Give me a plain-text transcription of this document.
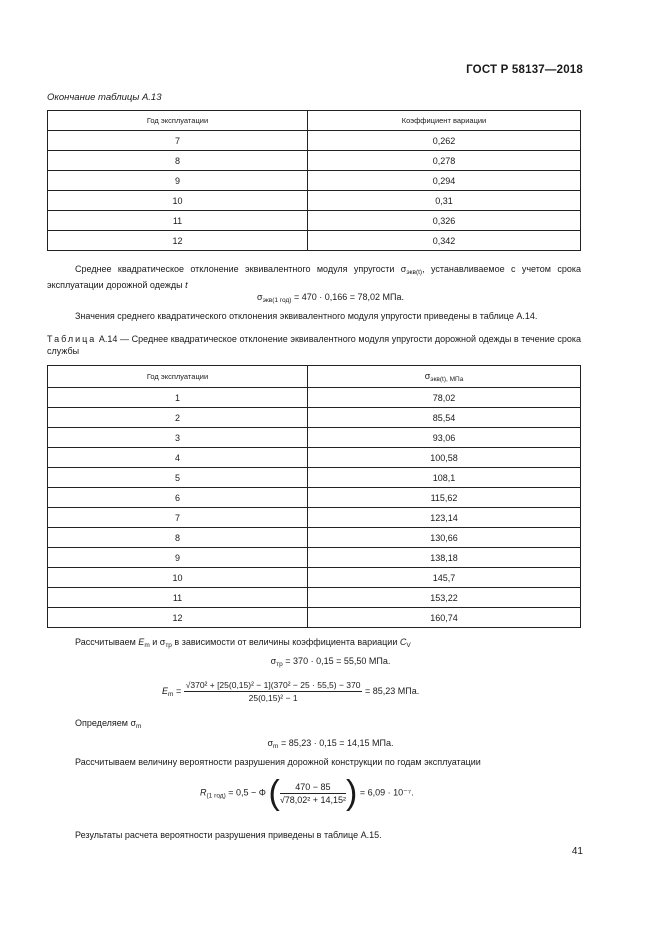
ГОСТ Р 58137—2018
Окончание таблицы А.13
Год эксплуатации	Коэффициент вариации
7	0,262
8	0,278
9	0,294
10	0,31
11	0,326
12	0,342
Среднее квадратическое отклонение эквивалентного модуля упругости $\sigma_{экв(t)}$, устанавливаемое с учетом срока эксплуатации дорожной одежды t
$\sigma_{экв(1 год)} = 470 \cdot 0,166 = 78,02$ МПа.
Значения среднего квадратического отклонения эквивалентного модуля упругости приведены в таблице А.14.
Таблица А.14 — Среднее квадратическое отклонение эквивалентного модуля упругости дорожной одежды в течение срока службы
Год эксплуатации	$\sigma_{экв(t), МПа}$
1	78,02
2	85,54
3	93,06
4	100,58
5	108,1
6	115,62
7	123,14
8	130,66
9	138,18
10	145,7
11	153,22
12	160,74
Рассчитываем $E_m$ и $\sigma_{тр}$ в зависимости от величины коэффициента вариации $C_V$
$\sigma_{тр} = 370 \cdot 0,15 = 55,50$ МПа.
$E_m = \frac{\text{√370² + [25(0,15)² − 1](370² − 25 · 55,5) − 370}}{\text{25(0,15)² − 1}} = 85,23$ МПа.
Определяем $\sigma_m$
$\sigma_m = 85,23 \cdot 0,15 = 14,15$ МПа.
Рассчитываем величину вероятности разрушения дорожной конструкции по годам эксплуатации
$R_{(1 год)} = 0,5 - \Phi$ ( $\frac{470 - 85}{\text{√78,02² + 14,15²}}$ ) = 6,09 · 10⁻⁷.
Результаты расчета вероятности разрушения приведены в таблице А.15.
41
